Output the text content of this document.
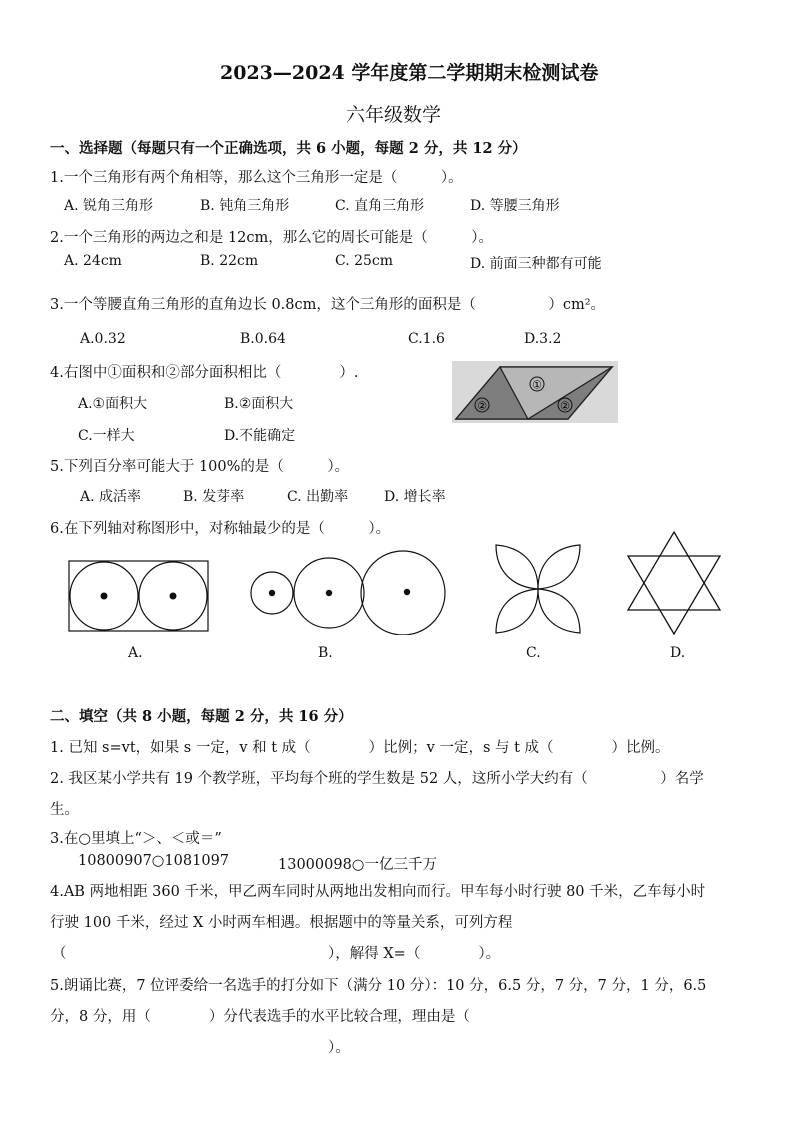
2023—2024 学年度第二学期期末检测试卷
六年级数学
一、选择题（每题只有一个正确选项，共 6 小题，每题 2 分，共 12 分）
1.一个三角形有两个角相等，那么这个三角形一定是（　　　）。
A. 锐角三角形	B. 钝角三角形	C. 直角三角形	D. 等腰三角形
2.一个三角形的两边之和是 12cm，那么它的周长可能是（　　　）。
A. 24cm	B. 22cm	C. 25cm	D. 前面三种都有可能
3.一个等腰直角三角形的直角边长 0.8cm，这个三角形的面积是（　　　　　）cm²。
A.0.32	B.0.64	C.1.6	D.3.2
4.右图中①面积和②部分面积相比（　　　　）.
A.①面积大	B.②面积大
C.一样大	D.不能确定
①
②	②
5.下列百分率可能大于 100%的是（　　　）。
A. 成活率	B. 发芽率	C. 出勤率	D. 增长率
6.在下列轴对称图形中，对称轴最少的是（　　　）。
A.	B.	C.	D.
二、填空（共 8 小题，每题 2 分，共 16 分）
1. 已知 s=vt，如果 s 一定，v 和 t 成（　　　　）比例；v 一定，s 与 t 成（　　　　）比例。
2. 我区某小学共有 19 个教学班，平均每个班的学生数是 52 人，这所小学大约有（　　　　　）名学
生。
3.在○里填上“＞、＜或＝”
10800907○1081097	13000098○一亿三千万
4.AB 两地相距 360 千米，甲乙两车同时从两地出发相向而行。甲车每小时行驶 80 千米，乙车每小时
行驶 100 千米，经过 X 小时两车相遇。根据题中的等量关系，可列方程
（	），解得 X=（　　　　）。
5.朗诵比赛，7 位评委给一名选手的打分如下（满分 10 分）：10 分，6.5 分，7 分，7 分，1 分，6.5
分，8 分，用（　　　　）分代表选手的水平比较合理，理由是（
）。
